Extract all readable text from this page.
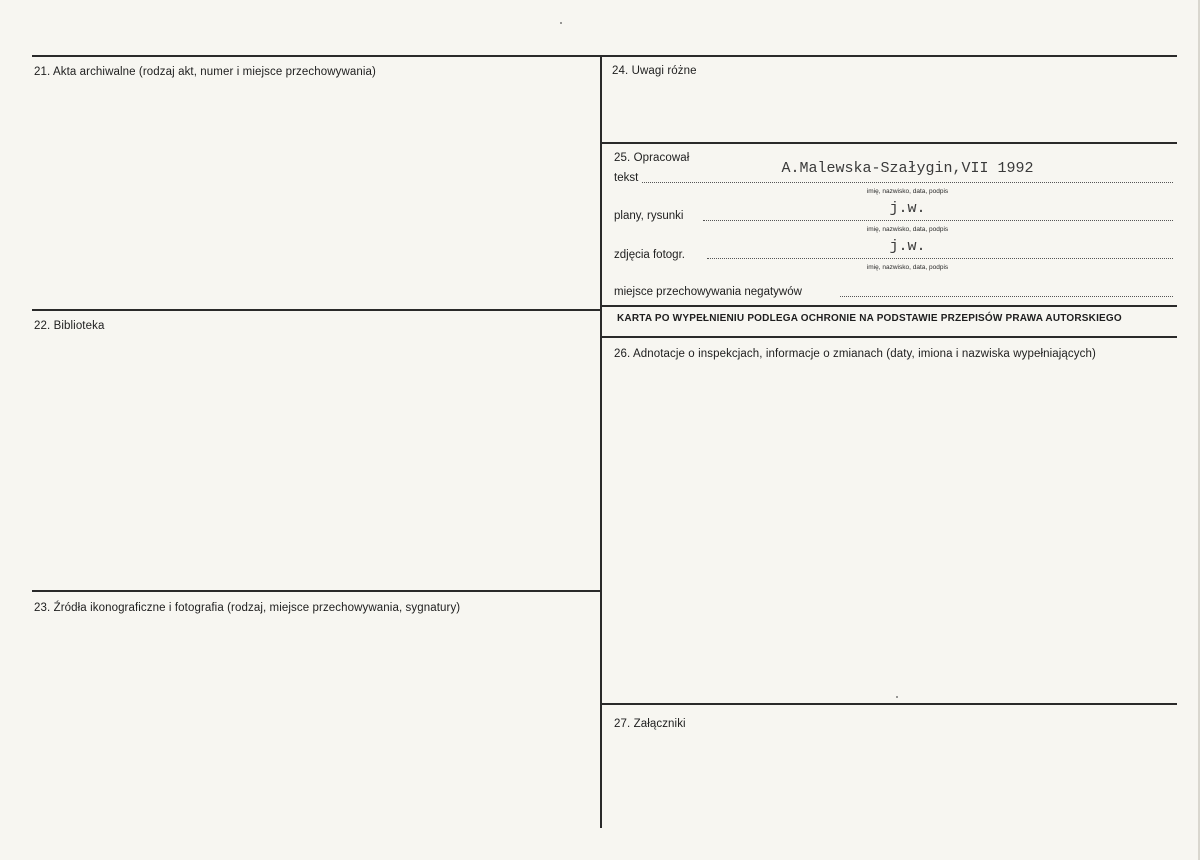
21. Akta archiwalne (rodzaj akt, numer i miejsce przechowywania)
22. Biblioteka
23. Źródła ikonograficzne i fotografia (rodzaj, miejsce przechowywania, sygnatury)
24. Uwagi różne
25. Opracował
tekst
A.Malewska-Szałygin,VII 1992
imię, nazwisko, data, podpis
plany, rysunki	j.w.
imię, nazwisko, data, podpis
zdjęcia fotogr.	j.w.
imię, nazwisko, data, podpis
miejsce przechowywania negatywów
KARTA PO WYPEŁNIENIU PODLEGA OCHRONIE NA PODSTAWIE PRZEPISÓW PRAWA AUTORSKIEGO
26. Adnotacje o inspekcjach, informacje o zmianach (daty, imiona i nazwiska wypełniających)
27. Załączniki
